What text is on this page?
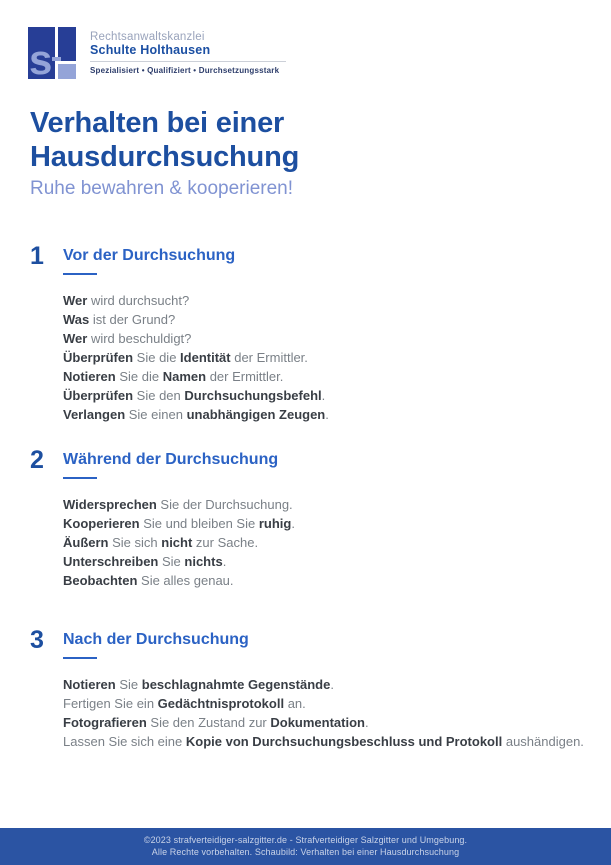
s	Rechtsanwaltskanzlei
Schulte Holthausen
Spezialisiert • Qualifiziert • Durchsetzungsstark
Verhalten bei einer
Hausdurchsuchung
Ruhe bewahren & kooperieren!
1	Vor der Durchsuchung

Wer wird durchsucht?

Was ist der Grund?

Wer wird beschuldigt?

Überprüfen Sie die Identität der Ermittler.

Notieren Sie die Namen der Ermittler.

Überprüfen Sie den Durchsuchungsbefehl.

Verlangen Sie einen unabhängigen Zeugen.

2	Während der Durchsuchung

Widersprechen Sie der Durchsuchung.

Kooperieren Sie und bleiben Sie ruhig.

Äußern Sie sich nicht zur Sache.

Unterschreiben Sie nichts.

Beobachten Sie alles genau.

3	Nach der Durchsuchung

Notieren Sie beschlagnahmte Gegenstände.

Fertigen Sie ein Gedächtnisprotokoll an.

Fotografieren Sie den Zustand zur Dokumentation.

Lassen Sie sich eine Kopie von Durchsuchungsbeschluss und Protokoll aushändigen.

©2023 strafverteidiger-salzgitter.de - Strafverteidiger Salzgitter und Umgebung.
Alle Rechte vorbehalten. Schaubild: Verhalten bei einer Hausdurchsuchung
